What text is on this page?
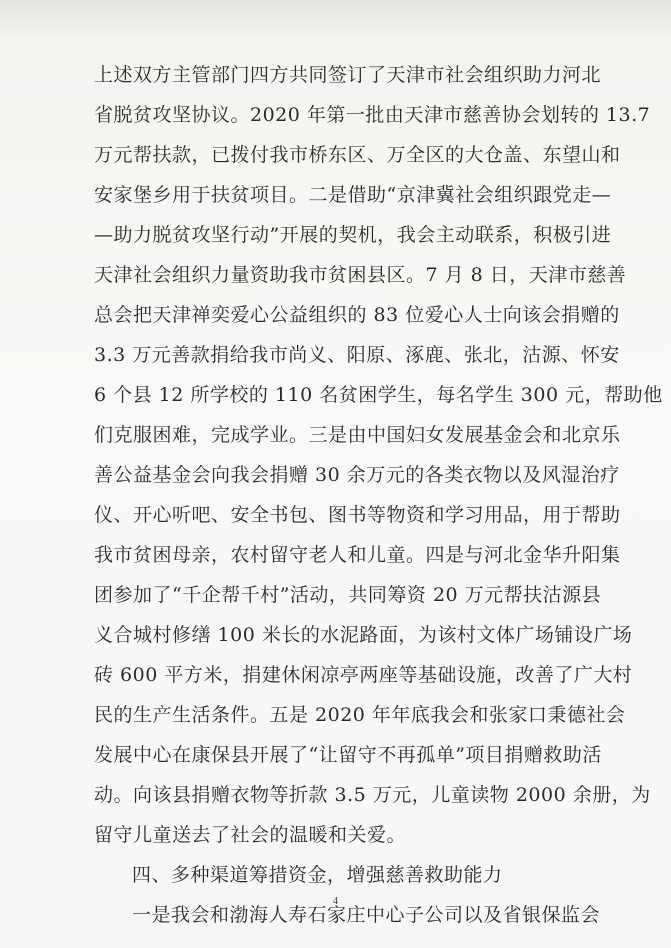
上述双方主管部门四方共同签订了天津市社会组织助力河北
省脱贫攻坚协议。2020 年第一批由天津市慈善协会划转的 13.7
万元帮扶款，已拨付我市桥东区、万全区的大仓盖、东望山和
安家堡乡用于扶贫项目。二是借助“京津冀社会组织跟党走—
—助力脱贫攻坚行动”开展的契机，我会主动联系，积极引进
天津社会组织力量资助我市贫困县区。7 月 8 日，天津市慈善
总会把天津禅奕爱心公益组织的 83 位爱心人士向该会捐赠的
3.3 万元善款捐给我市尚义、阳原、涿鹿、张北，沽源、怀安
6 个县 12 所学校的 110 名贫困学生，每名学生 300 元，帮助他
们克服困难，完成学业。三是由中国妇女发展基金会和北京乐
善公益基金会向我会捐赠 30 余万元的各类衣物以及风湿治疗
仪、开心听吧、安全书包、图书等物资和学习用品，用于帮助
我市贫困母亲，农村留守老人和儿童。四是与河北金华升阳集
团参加了“千企帮千村”活动，共同筹资 20 万元帮扶沽源县
义合城村修缮 100 米长的水泥路面，为该村文体广场铺设广场
砖 600 平方米，捐建休闲凉亭两座等基础设施，改善了广大村
民的生产生活条件。五是 2020 年年底我会和张家口秉德社会
发展中心在康保县开展了“让留守不再孤单”项目捐赠救助活
动。向该县捐赠衣物等折款 3.5 万元，儿童读物 2000 余册，为
留守儿童送去了社会的温暖和关爱。
四、多种渠道筹措资金，增强慈善救助能力
一是我会和渤海人寿石家庄中心子公司以及省银保监会
4
